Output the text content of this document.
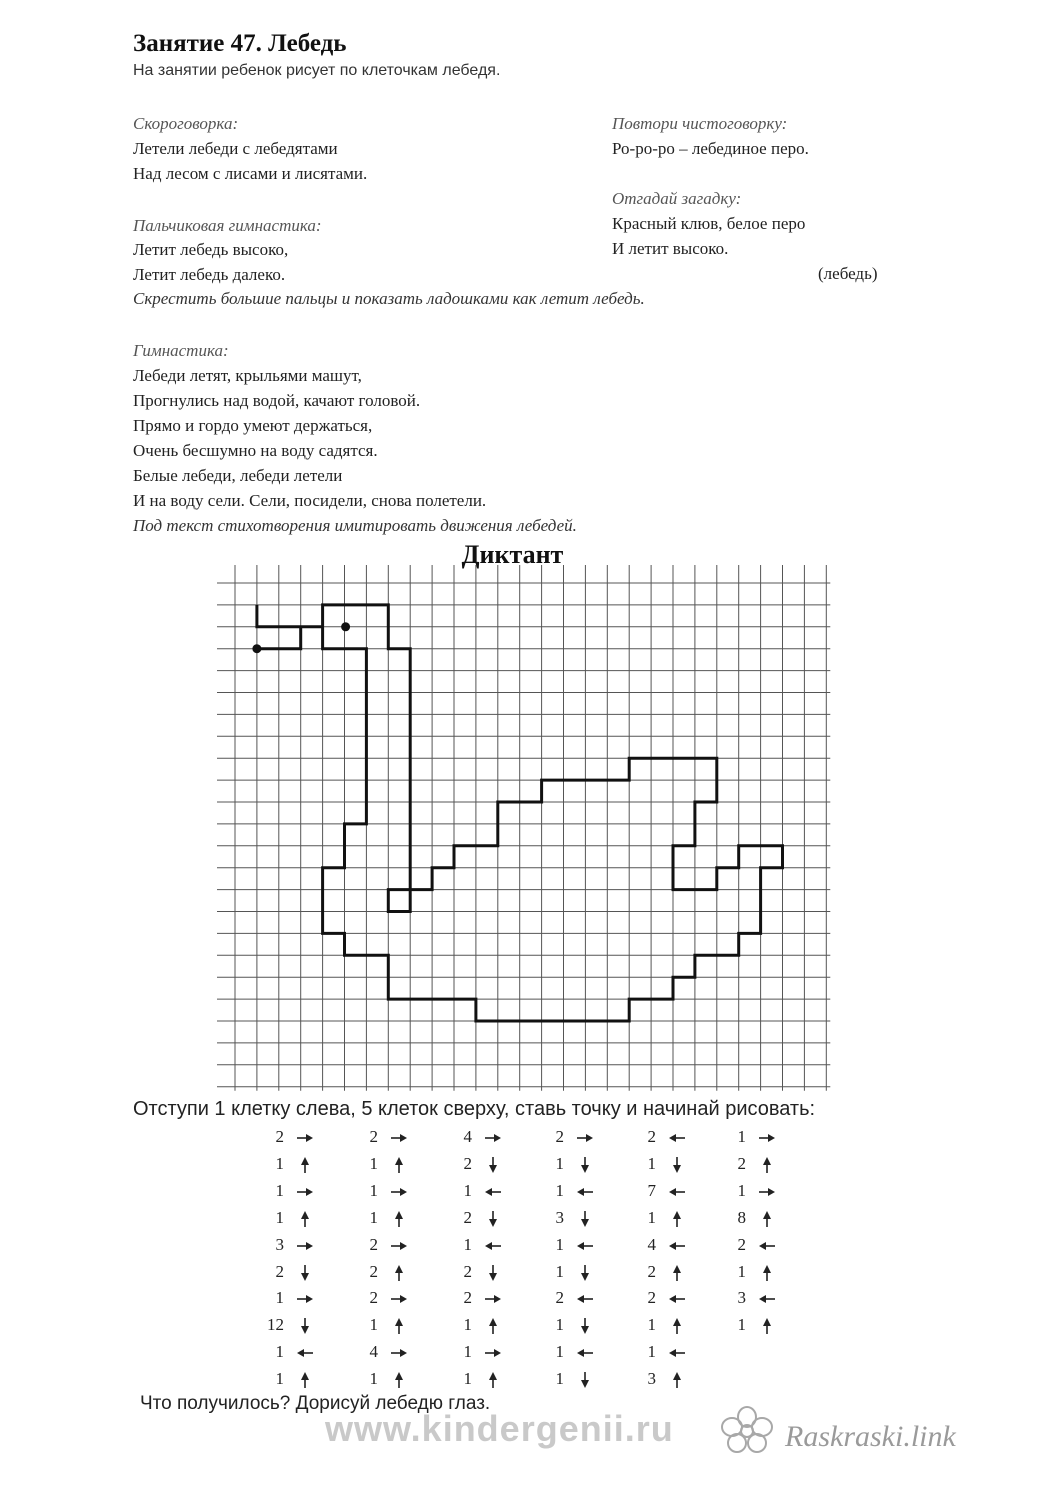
Занятие 47. Лебедь
На занятии ребенок рисует по клеточкам лебедя.
Скороговорка:
Летели лебеди с лебедятами
Над лесом с лисами и лисятами.
Пальчиковая гимнастика:
Летит лебедь высоко,
Летит лебедь далеко.
Скрестить большие пальцы и показать ладошками как летит лебедь.
Гимнастика:
Лебеди летят, крыльями машут,
Прогнулись над водой, качают головой.
Прямо и гордо умеют держаться,
Очень бесшумно на воду садятся.
Белые лебеди, лебеди летели
И на воду сели. Сели, посидели, снова полетели.
Под текст стихотворения имитировать движения лебедей.
Повтори чистоговорку:
Ро-ро-ро – лебединое перо.
Отгадай загадку:
Красный клюв, белое перо
И летит высоко.
(лебедь)
Диктант
Отступи 1 клетку слева, 5 клеток сверху, ставь точку и начинай рисовать:
2
1
1
1
3
2
1
12
1
1
2
1
1
1
2
2
2
1
4
1
4
2
1
2
1
2
2
1
1
1
2
1
1
3
1
1
2
1
1
1
2
1
7
1
4
2
2
1
1
3
1
2
1
8
2
1
3
1
Что получилось? Дорисуй лебедю глаз.
www.kindergenii.ru	Raskraski.link
